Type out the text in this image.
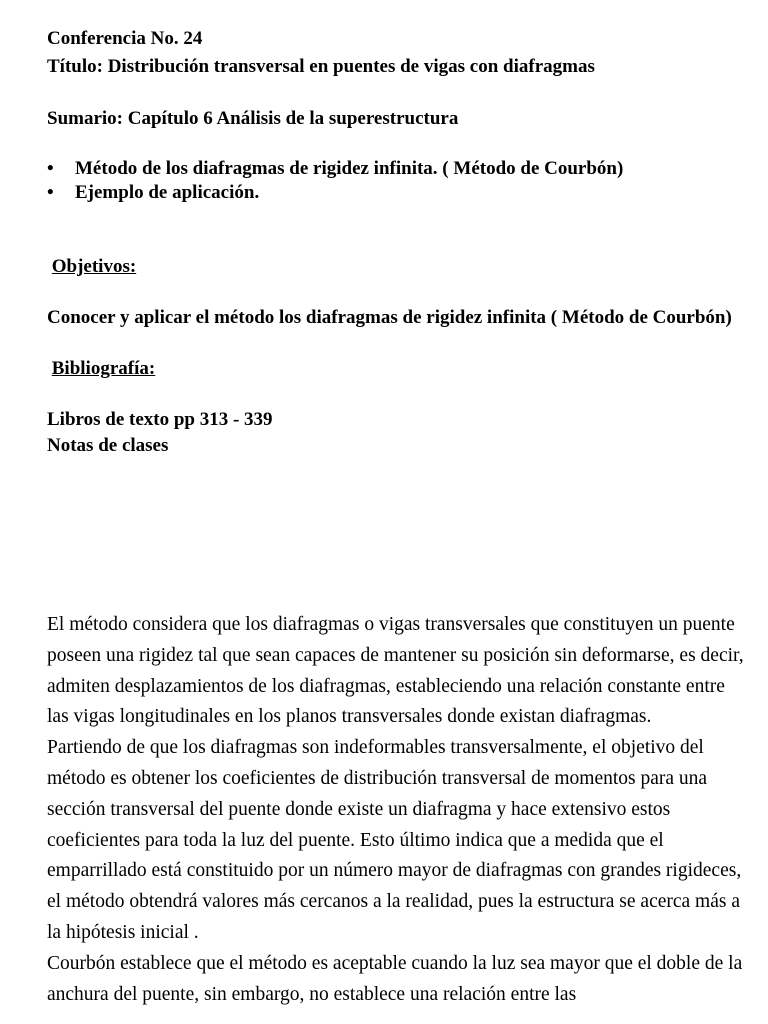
Conferencia No. 24

Título: Distribución transversal en puentes de vigas con diafragmas

Sumario: Capítulo 6 Análisis de la superestructura

• Método de los diafragmas de rigidez infinita. ( Método de Courbón)
• Ejemplo de aplicación.

Objetivos:

Conocer y aplicar el método los diafragmas de rigidez infinita ( Método de Courbón)

Bibliografía:

Libros de texto pp 313 - 339

Notas de clases

El método considera que los diafragmas o vigas transversales que constituyen un puente poseen una rigidez tal que sean capaces de mantener su posición sin deformarse, es decir, admiten desplazamientos de los diafragmas, estableciendo una relación constante entre las vigas longitudinales en los planos transversales donde existan diafragmas.

Partiendo de que los diafragmas son indeformables transversalmente, el objetivo del método es obtener los coeficientes de distribución transversal de momentos para una sección transversal del puente donde existe un diafragma y hace extensivo estos coeficientes para toda la luz del puente. Esto último indica que a medida que el emparrillado está constituido por un número mayor de diafragmas con grandes rigideces, el método obtendrá valores más cercanos a la realidad, pues la estructura se acerca más a la hipótesis inicial .

Courbón establece que el método es aceptable cuando la luz sea mayor que el doble de la anchura del puente, sin embargo, no establece una relación entre las
